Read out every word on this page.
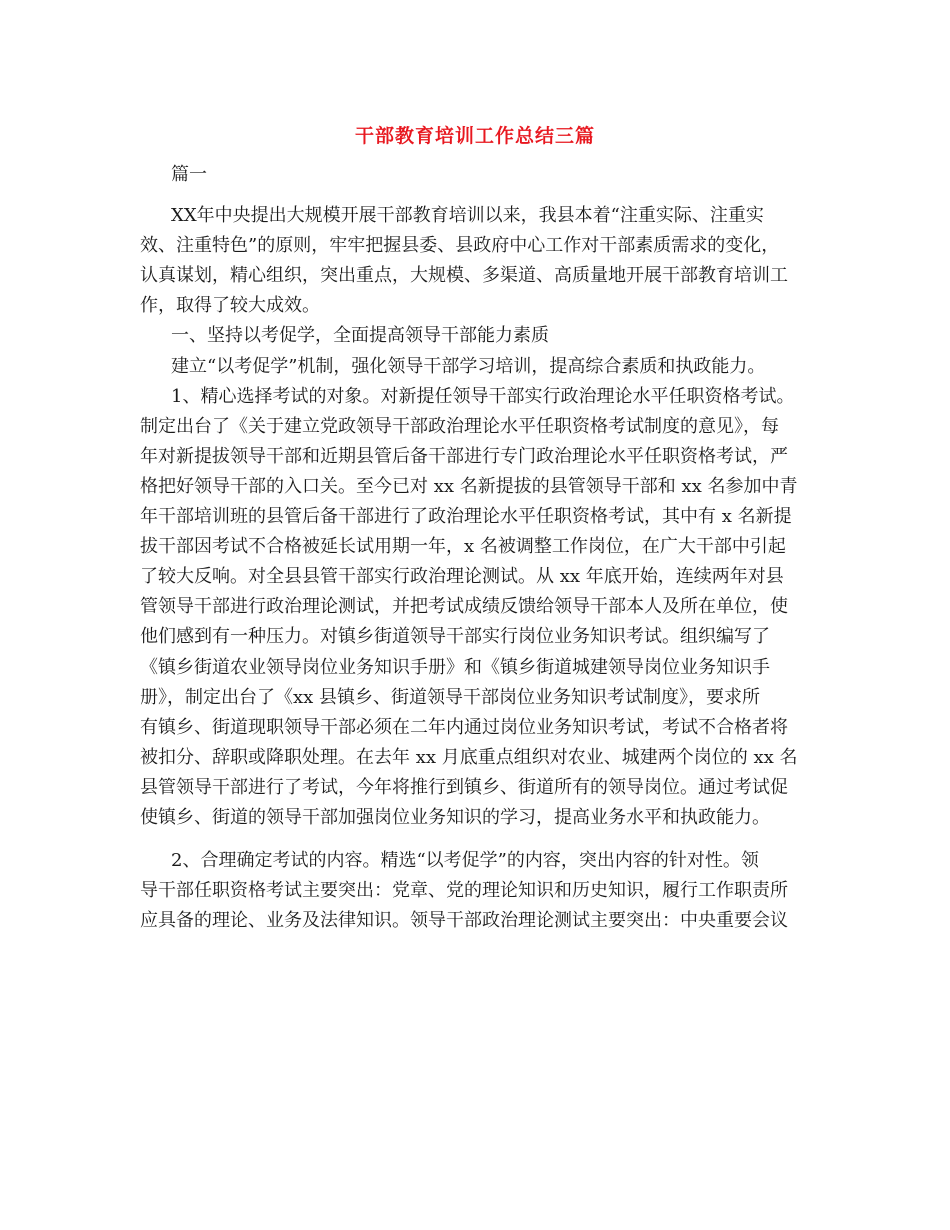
干部教育培训工作总结三篇
篇一
XX年中央提出大规模开展干部教育培训以来，我县本着“注重实际、注重实
效、注重特色”的原则，牢牢把握县委、县政府中心工作对干部素质需求的变化，
认真谋划，精心组织，突出重点，大规模、多渠道、高质量地开展干部教育培训工
作，取得了较大成效。
一、坚持以考促学，全面提高领导干部能力素质
建立“以考促学”机制，强化领导干部学习培训，提高综合素质和执政能力。
1、精心选择考试的对象。对新提任领导干部实行政治理论水平任职资格考试。
制定出台了《关于建立党政领导干部政治理论水平任职资格考试制度的意见》，每
年对新提拔领导干部和近期县管后备干部进行专门政治理论水平任职资格考试，严
格把好领导干部的入口关。至今已对 xx 名新提拔的县管领导干部和 xx 名参加中青
年干部培训班的县管后备干部进行了政治理论水平任职资格考试，其中有 x 名新提
拔干部因考试不合格被延长试用期一年，x 名被调整工作岗位，在广大干部中引起
了较大反响。对全县县管干部实行政治理论测试。从 xx 年底开始，连续两年对县
管领导干部进行政治理论测试，并把考试成绩反馈给领导干部本人及所在单位，使
他们感到有一种压力。对镇乡街道领导干部实行岗位业务知识考试。组织编写了
《镇乡街道农业领导岗位业务知识手册》和《镇乡街道城建领导岗位业务知识手
册》，制定出台了《xx 县镇乡、街道领导干部岗位业务知识考试制度》，要求所
有镇乡、街道现职领导干部必须在二年内通过岗位业务知识考试，考试不合格者将
被扣分、辞职或降职处理。在去年 xx 月底重点组织对农业、城建两个岗位的 xx 名
县管领导干部进行了考试，今年将推行到镇乡、街道所有的领导岗位。通过考试促
使镇乡、街道的领导干部加强岗位业务知识的学习，提高业务水平和执政能力。
2、合理确定考试的内容。精选“以考促学”的内容，突出内容的针对性。领
导干部任职资格考试主要突出：党章、党的理论知识和历史知识，履行工作职责所
应具备的理论、业务及法律知识。领导干部政治理论测试主要突出：中央重要会议
